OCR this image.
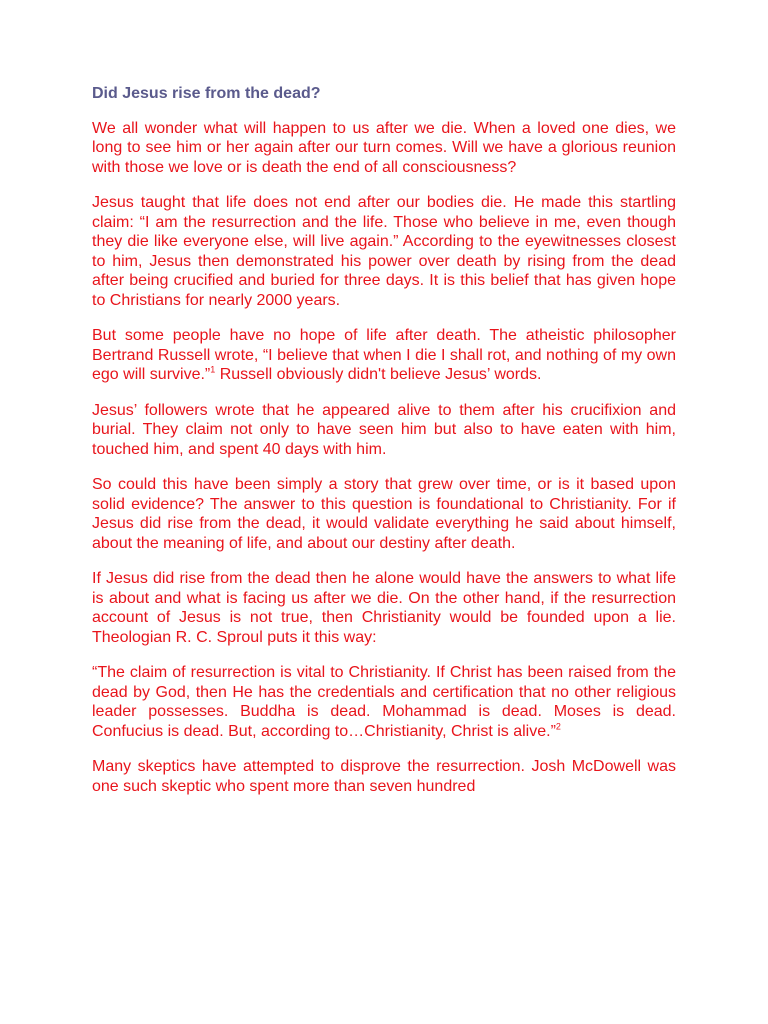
Did Jesus rise from the dead?

We all wonder what will happen to us after we die. When a loved one dies, we long to see him or her again after our turn comes. Will we have a glorious reunion with those we love or is death the end of all consciousness?

Jesus taught that life does not end after our bodies die. He made this startling claim: “I am the resurrection and the life. Those who believe in me, even though they die like everyone else, will live again.” According to the eyewitnesses closest to him, Jesus then demonstrated his power over death by rising from the dead after being crucified and buried for three days. It is this belief that has given hope to Christians for nearly 2000 years.

But some people have no hope of life after death. The atheistic philosopher Bertrand Russell wrote, “I believe that when I die I shall rot, and nothing of my own ego will survive.”$^1$ Russell obviously didn't believe Jesus’ words.

Jesus’ followers wrote that he appeared alive to them after his crucifixion and burial. They claim not only to have seen him but also to have eaten with him, touched him, and spent 40 days with him.

So could this have been simply a story that grew over time, or is it based upon solid evidence? The answer to this question is foundational to Christianity. For if Jesus did rise from the dead, it would validate everything he said about himself, about the meaning of life, and about our destiny after death.

If Jesus did rise from the dead then he alone would have the answers to what life is about and what is facing us after we die. On the other hand, if the resurrection account of Jesus is not true, then Christianity would be founded upon a lie. Theologian R. C. Sproul puts it this way:

“The claim of resurrection is vital to Christianity. If Christ has been raised from the dead by God, then He has the credentials and certification that no other religious leader possesses. Buddha is dead. Mohammad is dead. Moses is dead. Confucius is dead. But, according to…Christianity, Christ is alive.”$^2$

Many skeptics have attempted to disprove the resurrection. Josh McDowell was one such skeptic who spent more than seven hundred
